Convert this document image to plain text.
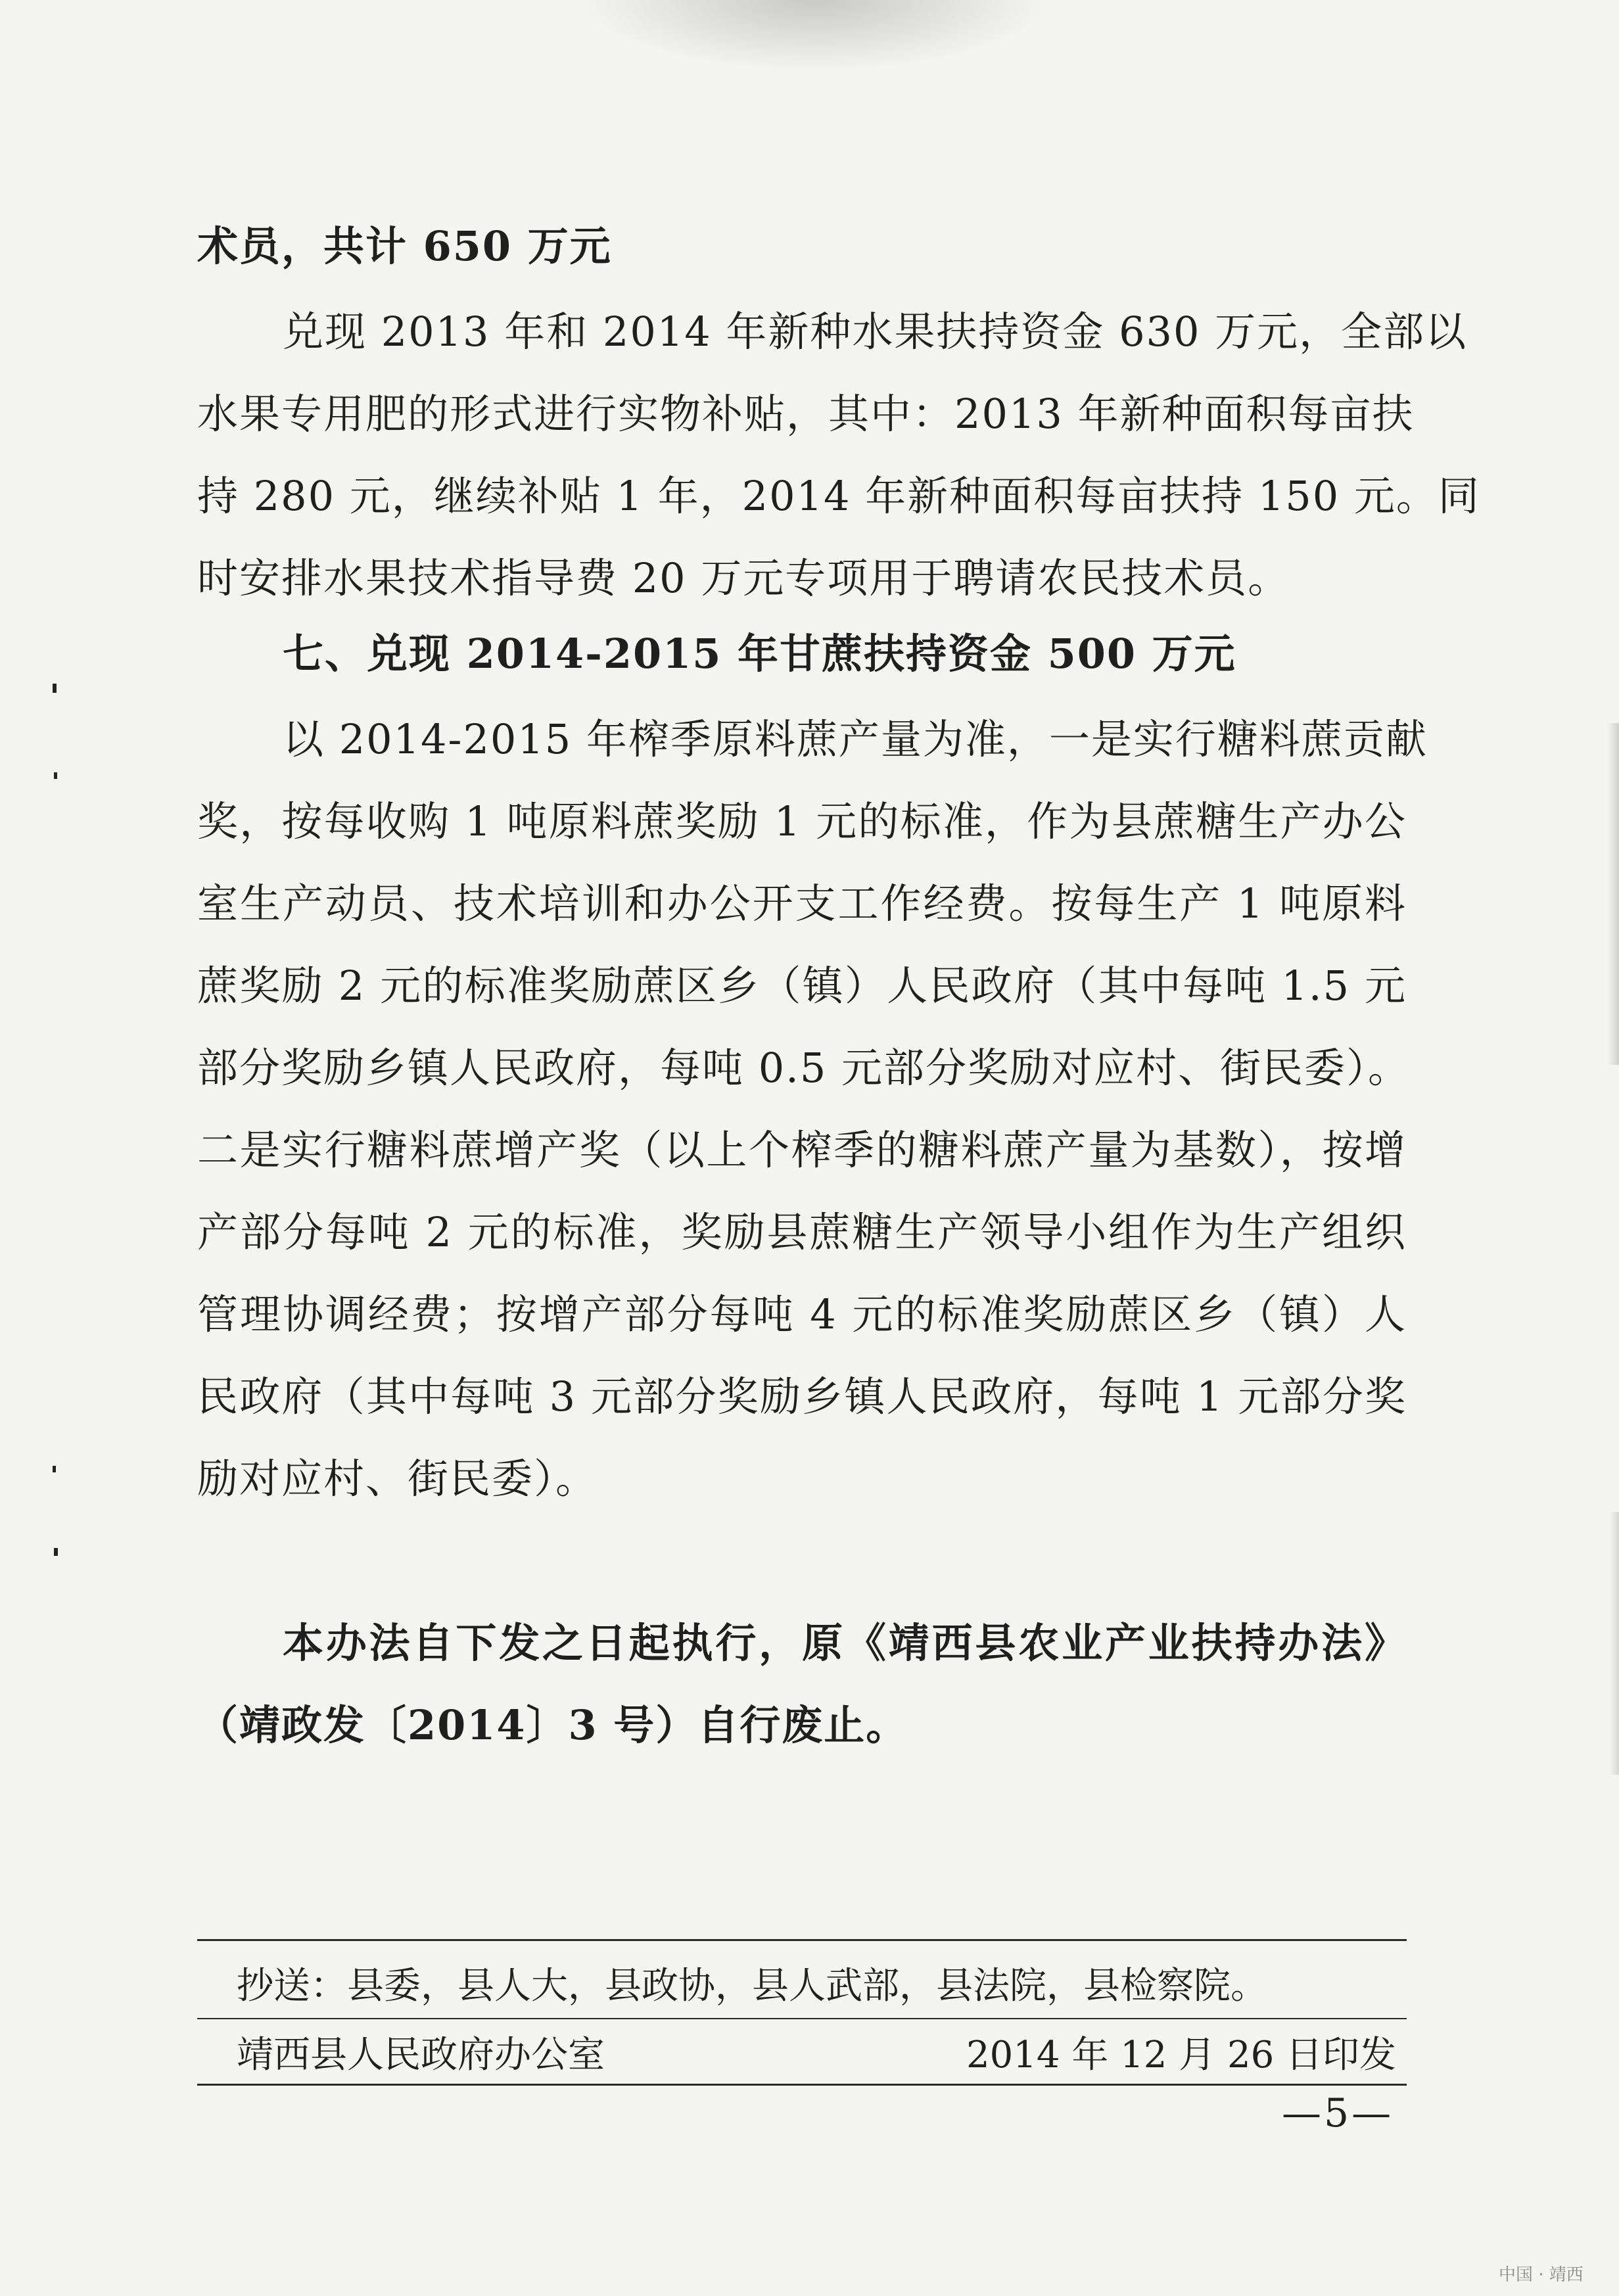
术员，共计 650 万元
兑现 2013 年和 2014 年新种水果扶持资金 630 万元，全部以
水果专用肥的形式进行实物补贴，其中：2013 年新种面积每亩扶
持 280 元，继续补贴 1 年，2014 年新种面积每亩扶持 150 元。同
时安排水果技术指导费 20 万元专项用于聘请农民技术员。
七、兑现 2014-2015 年甘蔗扶持资金 500 万元
以 2014-2015 年榨季原料蔗产量为准，一是实行糖料蔗贡献
奖，按每收购 1 吨原料蔗奖励 1 元的标准，作为县蔗糖生产办公
室生产动员、技术培训和办公开支工作经费。按每生产 1 吨原料
蔗奖励 2 元的标准奖励蔗区乡（镇）人民政府（其中每吨 1.5 元
部分奖励乡镇人民政府，每吨 0.5 元部分奖励对应村、街民委）。
二是实行糖料蔗增产奖（以上个榨季的糖料蔗产量为基数），按增
产部分每吨 2 元的标准，奖励县蔗糖生产领导小组作为生产组织
管理协调经费；按增产部分每吨 4 元的标准奖励蔗区乡（镇）人
民政府（其中每吨 3 元部分奖励乡镇人民政府，每吨 1 元部分奖
励对应村、街民委）。
本办法自下发之日起执行，原《靖西县农业产业扶持办法》
（靖政发〔2014〕3 号）自行废止。
抄送：县委，县人大，县政协，县人武部，县法院，县检察院。
靖西县人民政府办公室	2014 年 12 月 26 日印发
—5—
中国 · 靖西
